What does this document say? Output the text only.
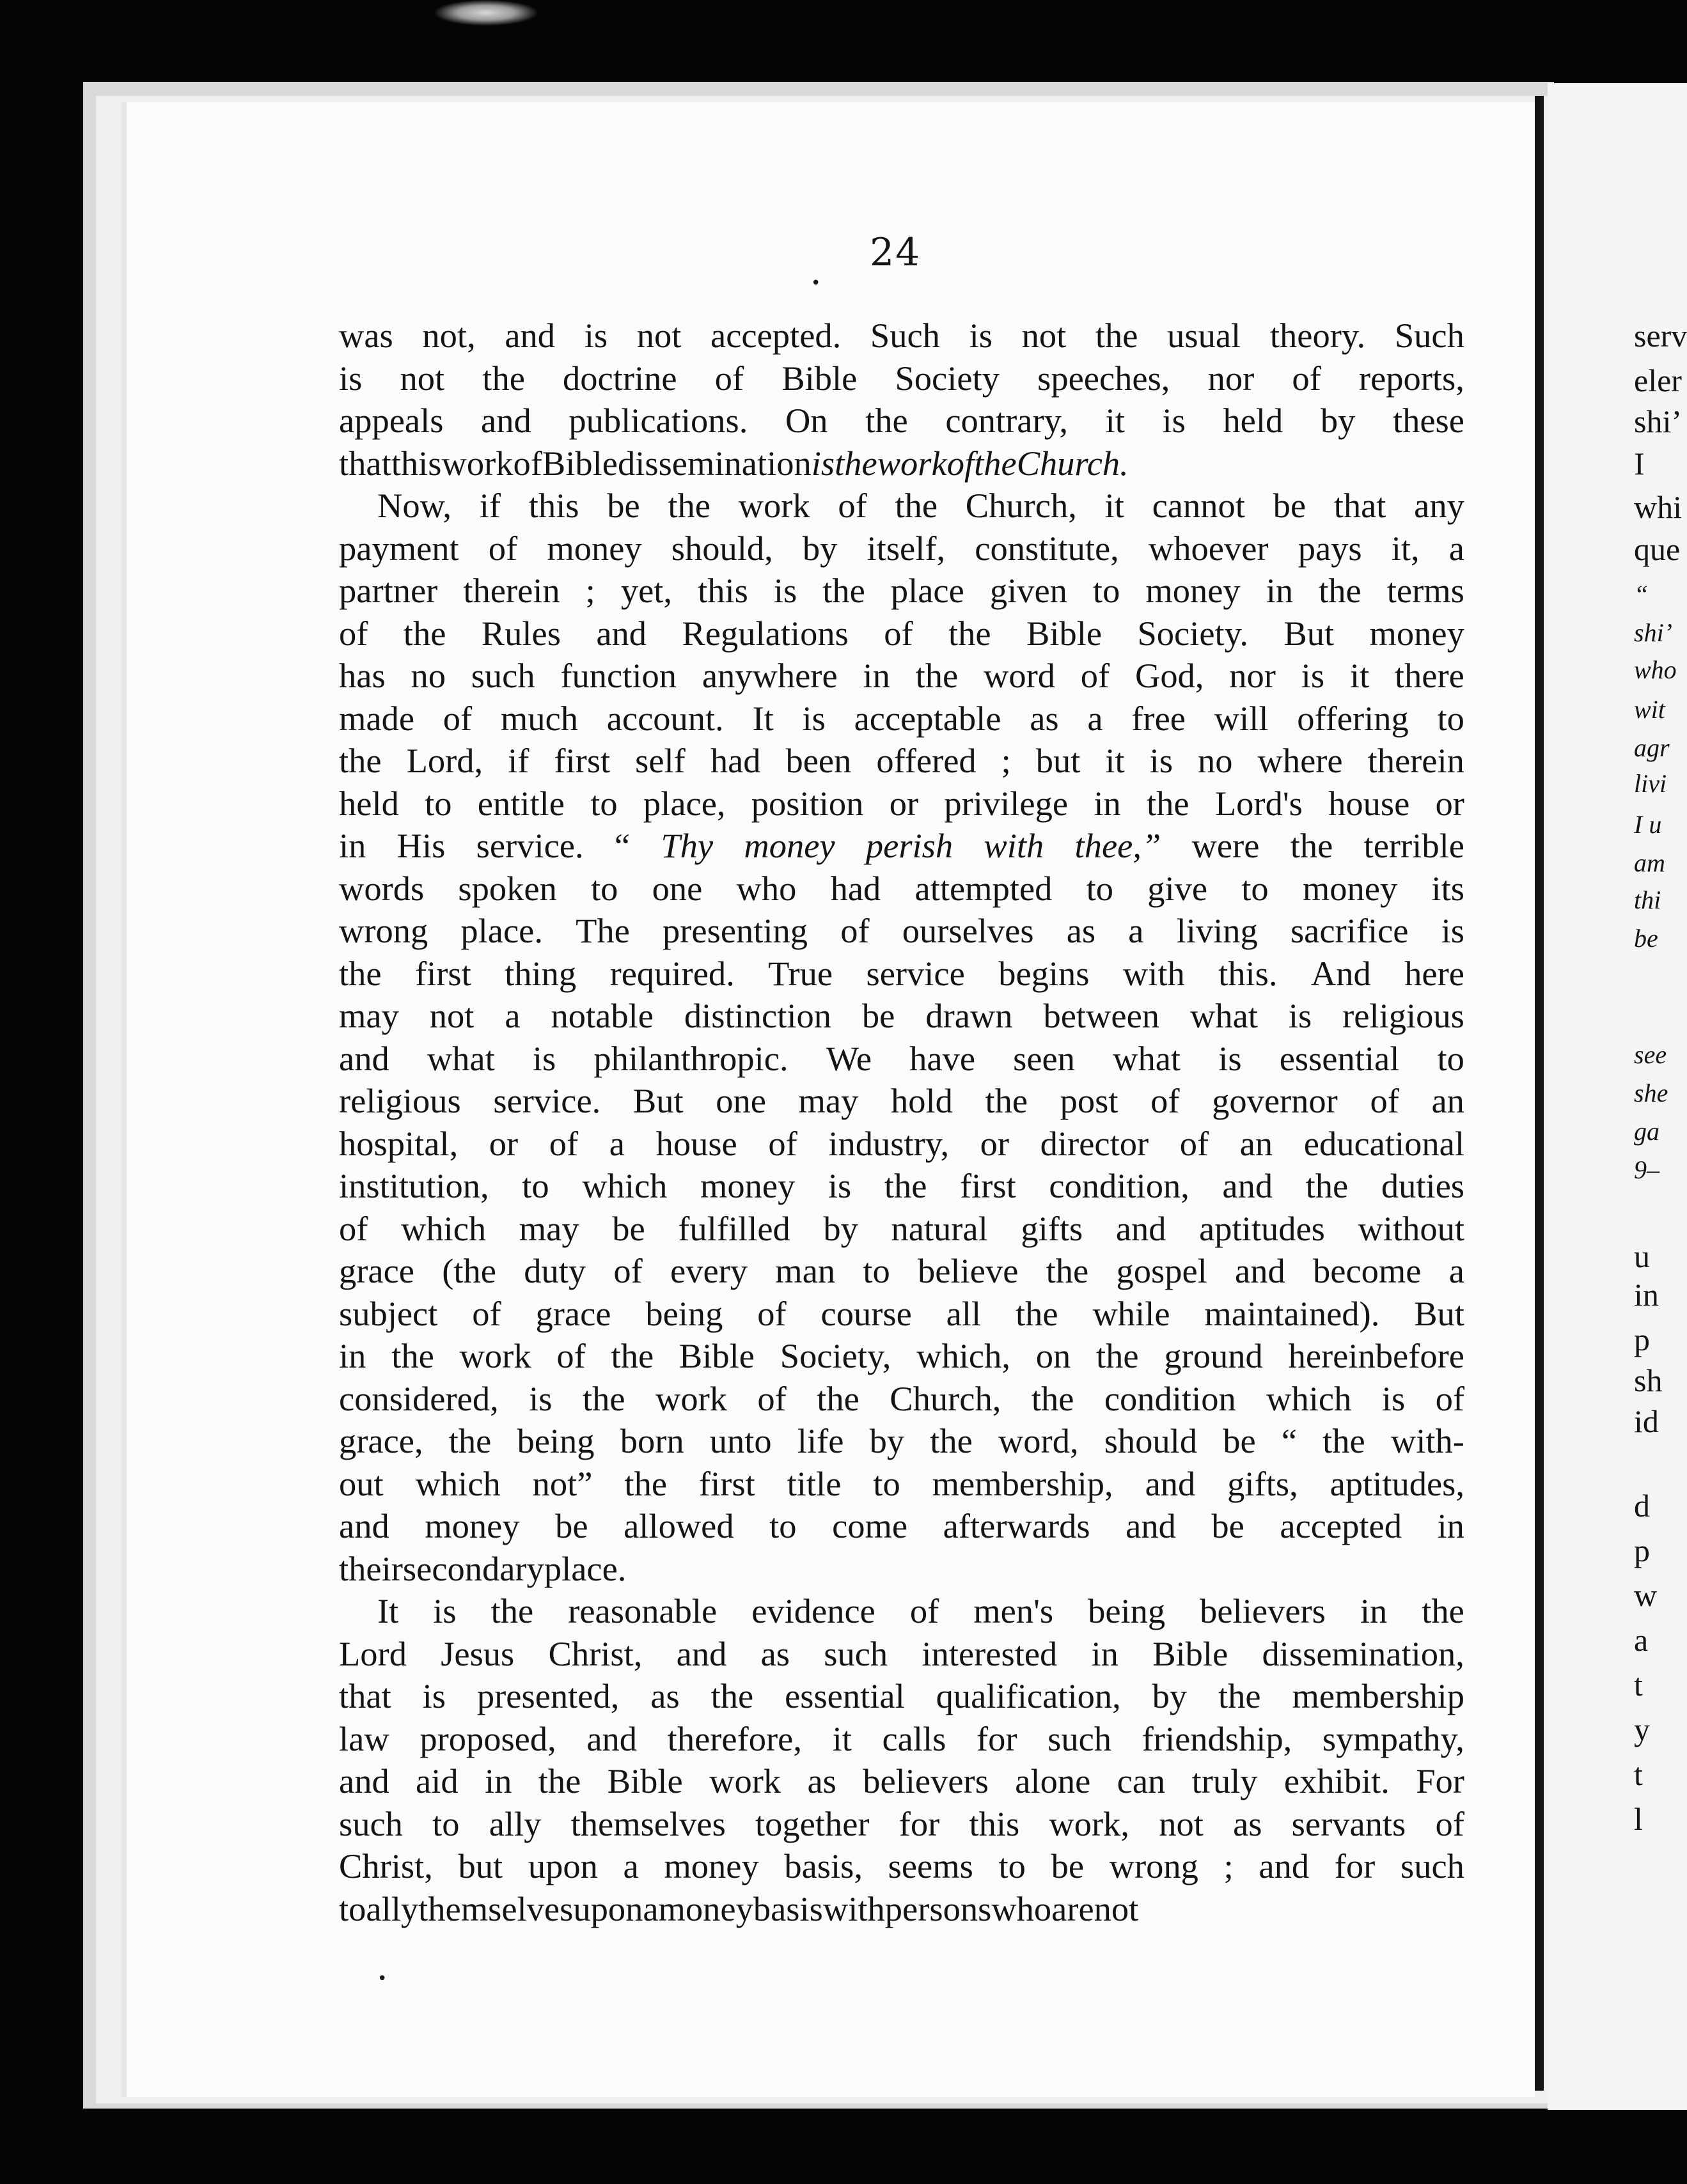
24
•
•
was not, and is not accepted. Such is not the usual theory. Such
is not the doctrine of Bible Society speeches, nor of reports,
appeals and publications. On the contrary, it is held by these
that this work of Bible dissemination is the work of the Church.
Now, if this be the work of the Church, it cannot be that any
payment of money should, by itself, constitute, whoever pays it, a
partner therein ; yet, this is the place given to money in the terms
of the Rules and Regulations of the Bible Society. But money
has no such function anywhere in the word of God, nor is it there
made of much account. It is acceptable as a free will offering to
the Lord, if first self had been offered ; but it is no where therein
held to entitle to place, position or privilege in the Lord's house or
in His service. “ Thy money perish with thee,” were the terrible
words spoken to one who had attempted to give to money its
wrong place. The presenting of ourselves as a living sacrifice is
the first thing required. True service begins with this. And here
may not a notable distinction be drawn between what is religious
and what is philanthropic. We have seen what is essential to
religious service. But one may hold the post of governor of an
hospital, or of a house of industry, or director of an educational
institution, to which money is the first condition, and the duties
of which may be fulfilled by natural gifts and aptitudes without
grace (the duty of every man to believe the gospel and become a
subject of grace being of course all the while maintained). But
in the work of the Bible Society, which, on the ground hereinbefore
considered, is the work of the Church, the condition which is of
grace, the being born unto life by the word, should be “ the with-
out which not” the first title to membership, and gifts, aptitudes,
and money be allowed to come afterwards and be accepted in
their secondary place.
It is the reasonable evidence of men's being believers in the
Lord Jesus Christ, and as such interested in Bible dissemination,
that is presented, as the essential qualification, by the membership
law proposed, and therefore, it calls for such friendship, sympathy,
and aid in the Bible work as believers alone can truly exhibit. For
such to ally themselves together for this work, not as servants of
Christ, but upon a money basis, seems to be wrong ; and for such
to ally themselves upon a money basis with persons who are not
serv
eler
shiʼ
I
whi
que
“
shiʼ
who
wit
agr
livi
I u
am
thi
be
see
she
ga
9–
u
in
p
sh
id
d
p
w
a
t
y
t
l
